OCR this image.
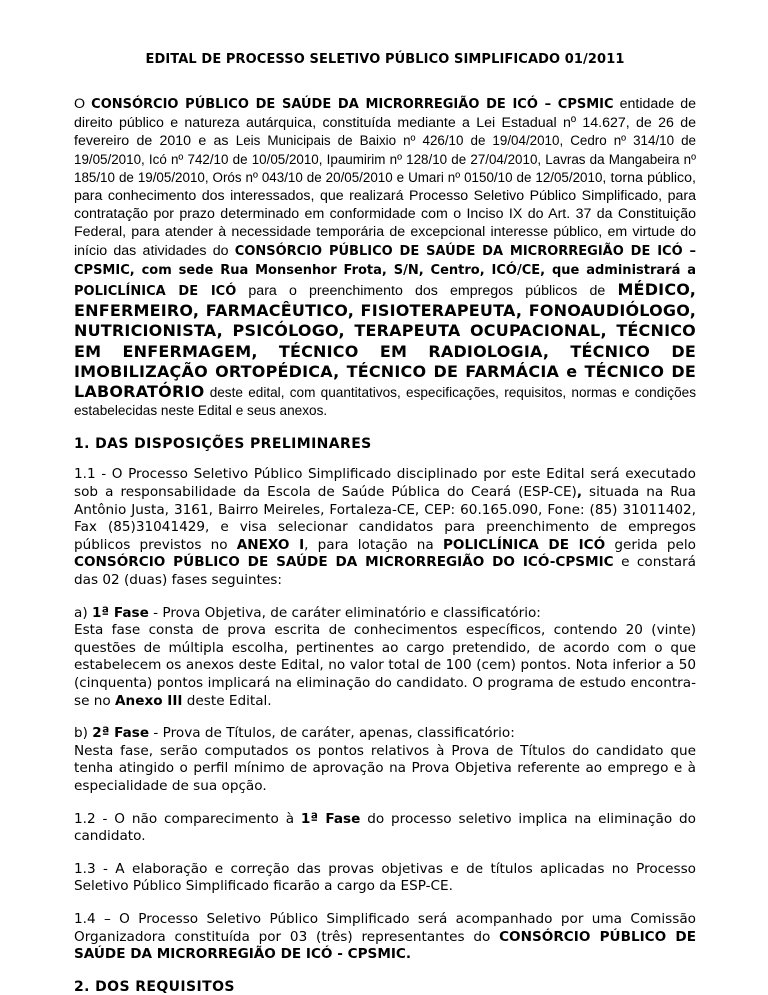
EDITAL DE PROCESSO SELETIVO PÚBLICO SIMPLIFICADO 01/2011

O CONSÓRCIO PÚBLICO DE SAÚDE DA MICRORREGIÃO DE ICÓ – CPSMIC entidade de direito público e natureza autárquica, constituída mediante a Lei Estadual nº 14.627, de 26 de fevereiro de 2010 e as Leis Municipais de Baixio nº 426/10 de 19/04/2010, Cedro nº 314/10 de 19/05/2010, Icó nº 742/10 de 10/05/2010, Ipaumirim nº 128/10 de 27/04/2010, Lavras da Mangabeira nº 185/10 de 19/05/2010, Orós nº 043/10 de 20/05/2010 e Umari nº 0150/10 de 12/05/2010, torna público, para conhecimento dos interessados, que realizará Processo Seletivo Público Simplificado, para contratação por prazo determinado em conformidade com o Inciso IX do Art. 37 da Constituição Federal, para atender à necessidade temporária de excepcional interesse público, em virtude do início das atividades do CONSÓRCIO PÚBLICO DE SAÚDE DA MICRORREGIÃO DE ICÓ – CPSMIC, com sede Rua Monsenhor Frota, S/N, Centro, ICÓ/CE, que administrará a POLICLÍNICA DE ICÓ para o preenchimento dos empregos públicos de MÉDICO, ENFERMEIRO, FARMACÊUTICO, FISIOTERAPEUTA, FONOAUDIÓLOGO, NUTRICIONISTA, PSICÓLOGO, TERAPEUTA OCUPACIONAL, TÉCNICO EM ENFERMAGEM, TÉCNICO EM RADIOLOGIA, TÉCNICO DE IMOBILIZAÇÃO ORTOPÉDICA, TÉCNICO DE FARMÁCIA e TÉCNICO DE LABORATÓRIO deste edital, com quantitativos, especificações, requisitos, normas e condições estabelecidas neste Edital e seus anexos.

1. DAS DISPOSIÇÕES PRELIMINARES

1.1 - O Processo Seletivo Público Simplificado disciplinado por este Edital será executado sob a responsabilidade da Escola de Saúde Pública do Ceará (ESP-CE), situada na Rua Antônio Justa, 3161, Bairro Meireles, Fortaleza-CE, CEP: 60.165.090, Fone: (85) 31011402, Fax (85)31041429, e visa selecionar candidatos para preenchimento de empregos públicos previstos no ANEXO I, para lotação na POLICLÍNICA DE ICÓ gerida pelo CONSÓRCIO PÚBLICO DE SAÚDE DA MICRORREGIÃO DO ICÓ-CPSMIC e constará das 02 (duas) fases seguintes:

a) 1ª Fase - Prova Objetiva, de caráter eliminatório e classificatório:
Esta fase consta de prova escrita de conhecimentos específicos, contendo 20 (vinte) questões de múltipla escolha, pertinentes ao cargo pretendido, de acordo com o que estabelecem os anexos deste Edital, no valor total de 100 (cem) pontos. Nota inferior a 50 (cinquenta) pontos implicará na eliminação do candidato. O programa de estudo encontra-se no Anexo III deste Edital.

b) 2ª Fase - Prova de Títulos, de caráter, apenas, classificatório:
Nesta fase, serão computados os pontos relativos à Prova de Títulos do candidato que tenha atingido o perfil mínimo de aprovação na Prova Objetiva referente ao emprego e à especialidade de sua opção.

1.2 - O não comparecimento à 1ª Fase do processo seletivo implica na eliminação do candidato.

1.3 - A elaboração e correção das provas objetivas e de títulos aplicadas no Processo Seletivo Público Simplificado ficarão a cargo da ESP-CE.

1.4 – O Processo Seletivo Público Simplificado será acompanhado por uma Comissão Organizadora constituída por 03 (três) representantes do CONSÓRCIO PÚBLICO DE SAÚDE DA MICRORREGIÃO DE ICÓ - CPSMIC.

2. DOS REQUISITOS
